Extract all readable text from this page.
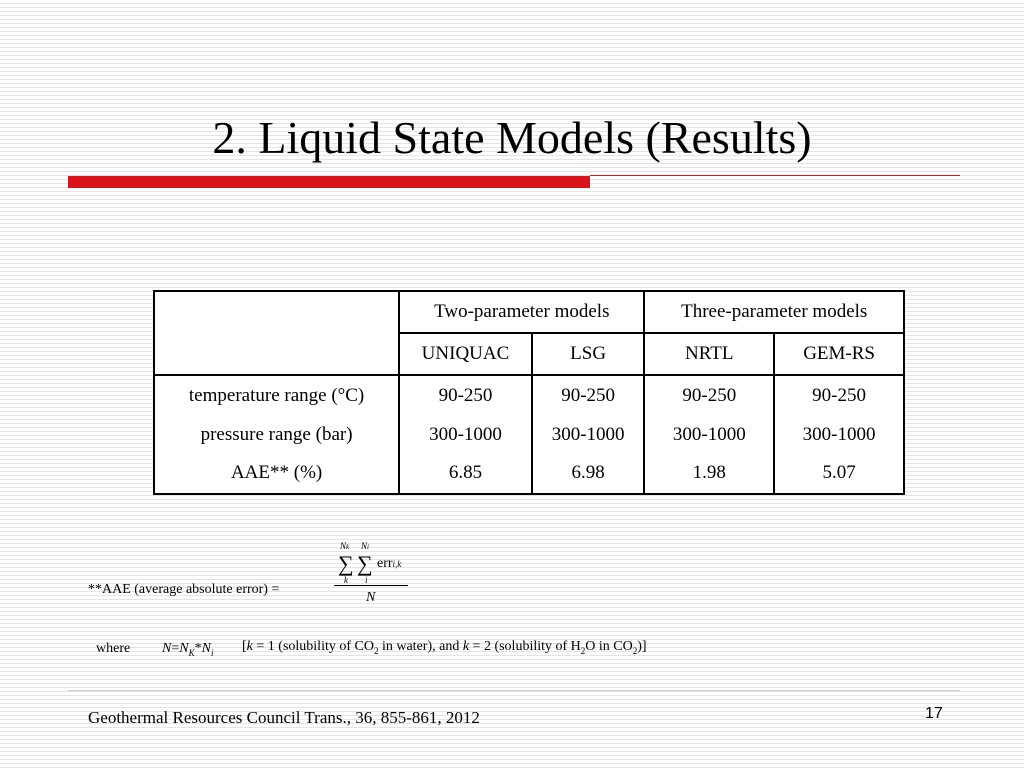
2. Liquid State Models (Results)
	Two-parameter models		Three-parameter models	
	UNIQUAC	LSG	NRTL	GEM-RS
temperature range (°C)	90-250	90-250	90-250	90-250
pressure range (bar)	300-1000	300-1000	300-1000	300-1000
AAE** (%)	6.85	6.98	1.98	5.07
**AAE (average absolute error) =
Nk Ni
∑ ∑ erri,k
k i
N
where $N=N_K*N_i$ [k = 1 (solubility of $CO_2$ in water), and k = 2 (solubility of $H_2O$ in $CO_2$)]
Geothermal Resources Council Trans., 36, 855-861, 2012	17
